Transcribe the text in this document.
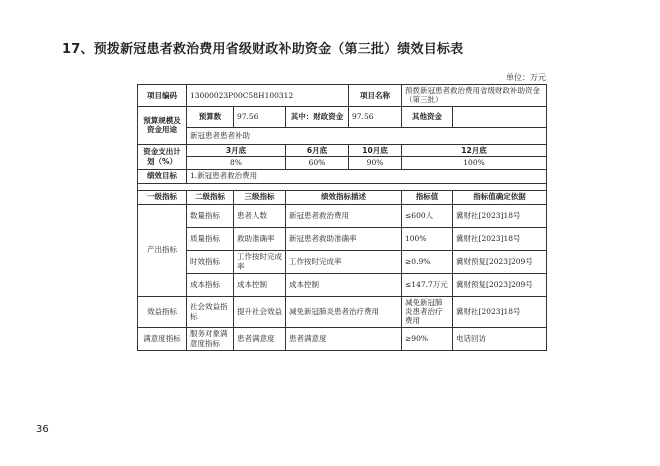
17、预拨新冠患者救治费用省级财政补助资金（第三批）绩效目标表
单位：万元
项目编码	13000023P00C58H100312			项目名称	预拨新冠患者救治费用省级财政补助资金（第三批）	
预算规模及资金用途	预算数	97.56	其中：财政资金	97.56	其他资金	
	新冠患者患者补助					
资金支出计划（%）	3月底		6月底	10月底	12月底	
	8%		60%	90%	100%	
绩效目标	1.新冠患者救治费用					

一级指标	二级指标	三级指标	绩效指标描述		指标值	指标值确定依据
产出指标	数量指标	患者人数	新冠患者救治费用		≤600人	冀财社[2023]18号
	质量指标	救助准确率	新冠患者救助准确率		100%	冀财社[2023]18号
	时效指标	工作按时完成率	工作按时完成率		≥0.9%	冀财预复[2023]209号
	成本指标	成本控制	成本控制		≤147.7万元	冀财预复[2023]209号
效益指标	社会效益指标	提升社会效益	减免新冠肺炎患者治疗费用		减免新冠肺炎患者治疗费用	冀财社[2023]18号
满意度指标	服务对象满意度指标	患者满意度	患者满意度		≥90%	电话回访
36
